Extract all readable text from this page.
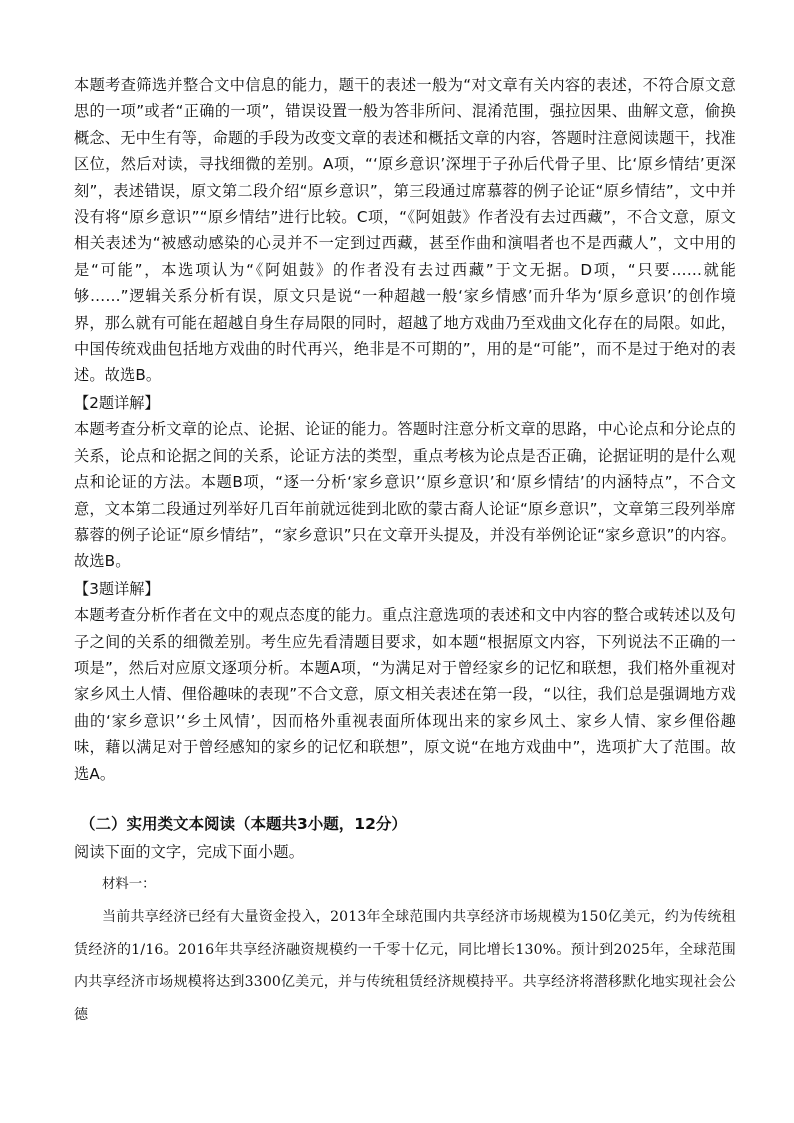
本题考查筛选并整合文中信息的能力，题干的表述一般为“对文章有关内容的表述，不符合原文意思的一项”或者“正确的一项”，错误设置一般为答非所问、混淆范围，强拉因果、曲解文意，偷换概念、无中生有等，命题的手段为改变文章的表述和概括文章的内容，答题时注意阅读题干，找准区位，然后对读，寻找细微的差别。A项，“‘原乡意识’深埋于子孙后代骨子里、比‘原乡情结’更深刻”，表述错误，原文第二段介绍“原乡意识”，第三段通过席慕蓉的例子论证“原乡情结”，文中并没有将“原乡意识”“原乡情结”进行比较。C项，“《阿姐鼓》作者没有去过西藏”，不合文意，原文相关表述为“被感动感染的心灵并不一定到过西藏，甚至作曲和演唱者也不是西藏人”，文中用的是“可能”，本选项认为“《阿姐鼓》的作者没有去过西藏”于文无据。D项，“只要……就能够……”逻辑关系分析有误，原文只是说“一种超越一般‘家乡情感’而升华为‘原乡意识’的创作境界，那么就有可能在超越自身生存局限的同时，超越了地方戏曲乃至戏曲文化存在的局限。如此，中国传统戏曲包括地方戏曲的时代再兴，绝非是不可期的”，用的是“可能”，而不是过于绝对的表述。故选B。

【2题详解】

本题考查分析文章的论点、论据、论证的能力。答题时注意分析文章的思路，中心论点和分论点的关系，论点和论据之间的关系，论证方法的类型，重点考核为论点是否正确，论据证明的是什么观点和论证的方法。本题B项，“逐一分析‘家乡意识’‘原乡意识’和‘原乡情结’的内涵特点”，不合文意，文本第二段通过列举好几百年前就远徙到北欧的蒙古裔人论证“原乡意识”，文章第三段列举席慕蓉的例子论证“原乡情结”，“家乡意识”只在文章开头提及，并没有举例论证“家乡意识”的内容。故选B。

【3题详解】

本题考查分析作者在文中的观点态度的能力。重点注意选项的表述和文中内容的整合或转述以及句子之间的关系的细微差别。考生应先看清题目要求，如本题“根据原文内容，下列说法不正确的一项是”，然后对应原文逐项分析。本题A项，“为满足对于曾经家乡的记忆和联想，我们格外重视对家乡风土人情、俚俗趣味的表现”不合文意，原文相关表述在第一段，“以往，我们总是强调地方戏曲的‘家乡意识’‘乡土风情’，因而格外重视表面所体现出来的家乡风土、家乡人情、家乡俚俗趣味，藉以满足对于曾经感知的家乡的记忆和联想”，原文说“在地方戏曲中”，选项扩大了范围。故选A。

（二）实用类文本阅读（本题共3小题，12分）

阅读下面的文字，完成下面小题。

材料一：

当前共享经济已经有大量资金投入，2013年全球范围内共享经济市场规模为150亿美元，约为传统租赁经济的1/16。2016年共享经济融资规模约一千零十亿元，同比增长130%。预计到2025年，全球范围内共享经济市场规模将达到3300亿美元，并与传统租赁经济规模持平。共享经济将潜移默化地实现社会公德
